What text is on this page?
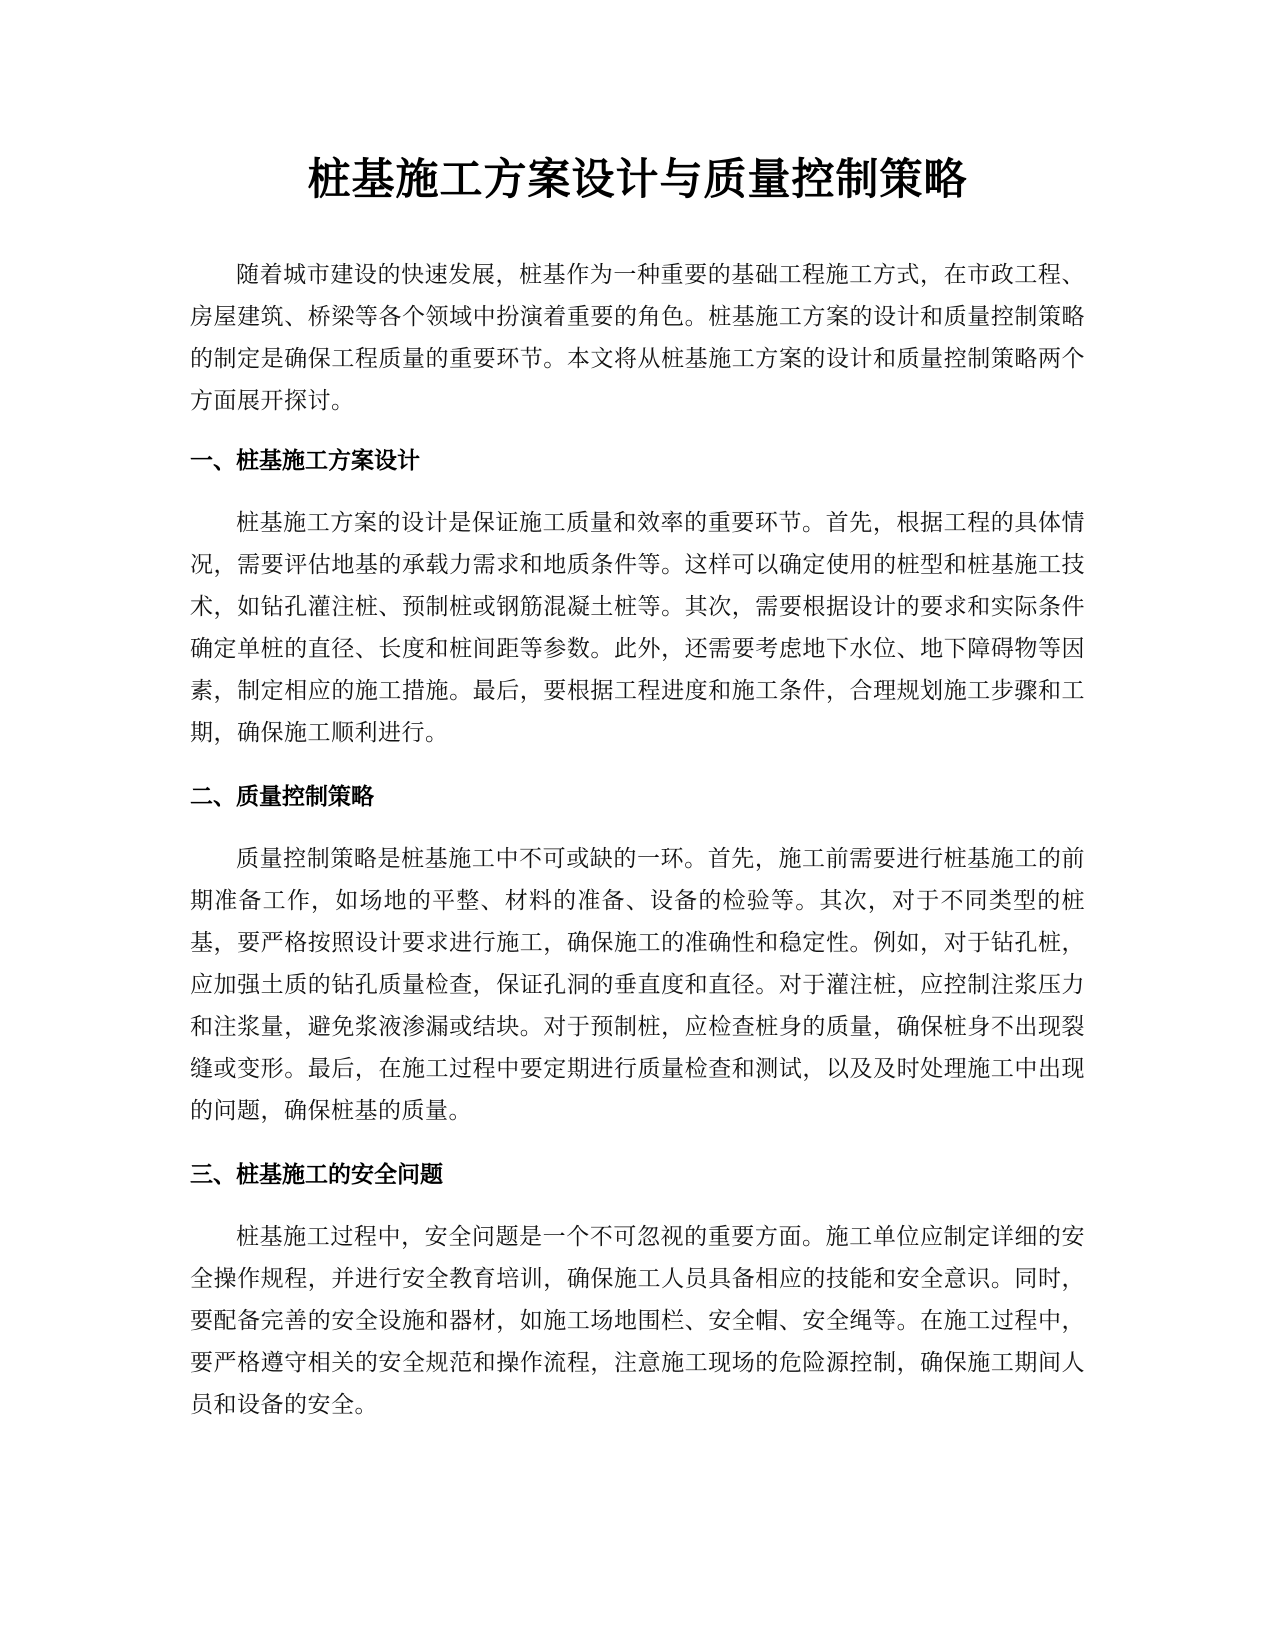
桩基施工方案设计与质量控制策略

随着城市建设的快速发展，桩基作为一种重要的基础工程施工方式，在市政工程、房屋建筑、桥梁等各个领域中扮演着重要的角色。桩基施工方案的设计和质量控制策略的制定是确保工程质量的重要环节。本文将从桩基施工方案的设计和质量控制策略两个方面展开探讨。

一、桩基施工方案设计

桩基施工方案的设计是保证施工质量和效率的重要环节。首先，根据工程的具体情况，需要评估地基的承载力需求和地质条件等。这样可以确定使用的桩型和桩基施工技术，如钻孔灌注桩、预制桩或钢筋混凝土桩等。其次，需要根据设计的要求和实际条件确定单桩的直径、长度和桩间距等参数。此外，还需要考虑地下水位、地下障碍物等因素，制定相应的施工措施。最后，要根据工程进度和施工条件，合理规划施工步骤和工期，确保施工顺利进行。

二、质量控制策略

质量控制策略是桩基施工中不可或缺的一环。首先，施工前需要进行桩基施工的前期准备工作，如场地的平整、材料的准备、设备的检验等。其次，对于不同类型的桩基，要严格按照设计要求进行施工，确保施工的准确性和稳定性。例如，对于钻孔桩，应加强土质的钻孔质量检查，保证孔洞的垂直度和直径。对于灌注桩，应控制注浆压力和注浆量，避免浆液渗漏或结块。对于预制桩，应检查桩身的质量，确保桩身不出现裂缝或变形。最后，在施工过程中要定期进行质量检查和测试，以及及时处理施工中出现的问题，确保桩基的质量。

三、桩基施工的安全问题

桩基施工过程中，安全问题是一个不可忽视的重要方面。施工单位应制定详细的安全操作规程，并进行安全教育培训，确保施工人员具备相应的技能和安全意识。同时，要配备完善的安全设施和器材，如施工场地围栏、安全帽、安全绳等。在施工过程中，要严格遵守相关的安全规范和操作流程，注意施工现场的危险源控制，确保施工期间人员和设备的安全。
